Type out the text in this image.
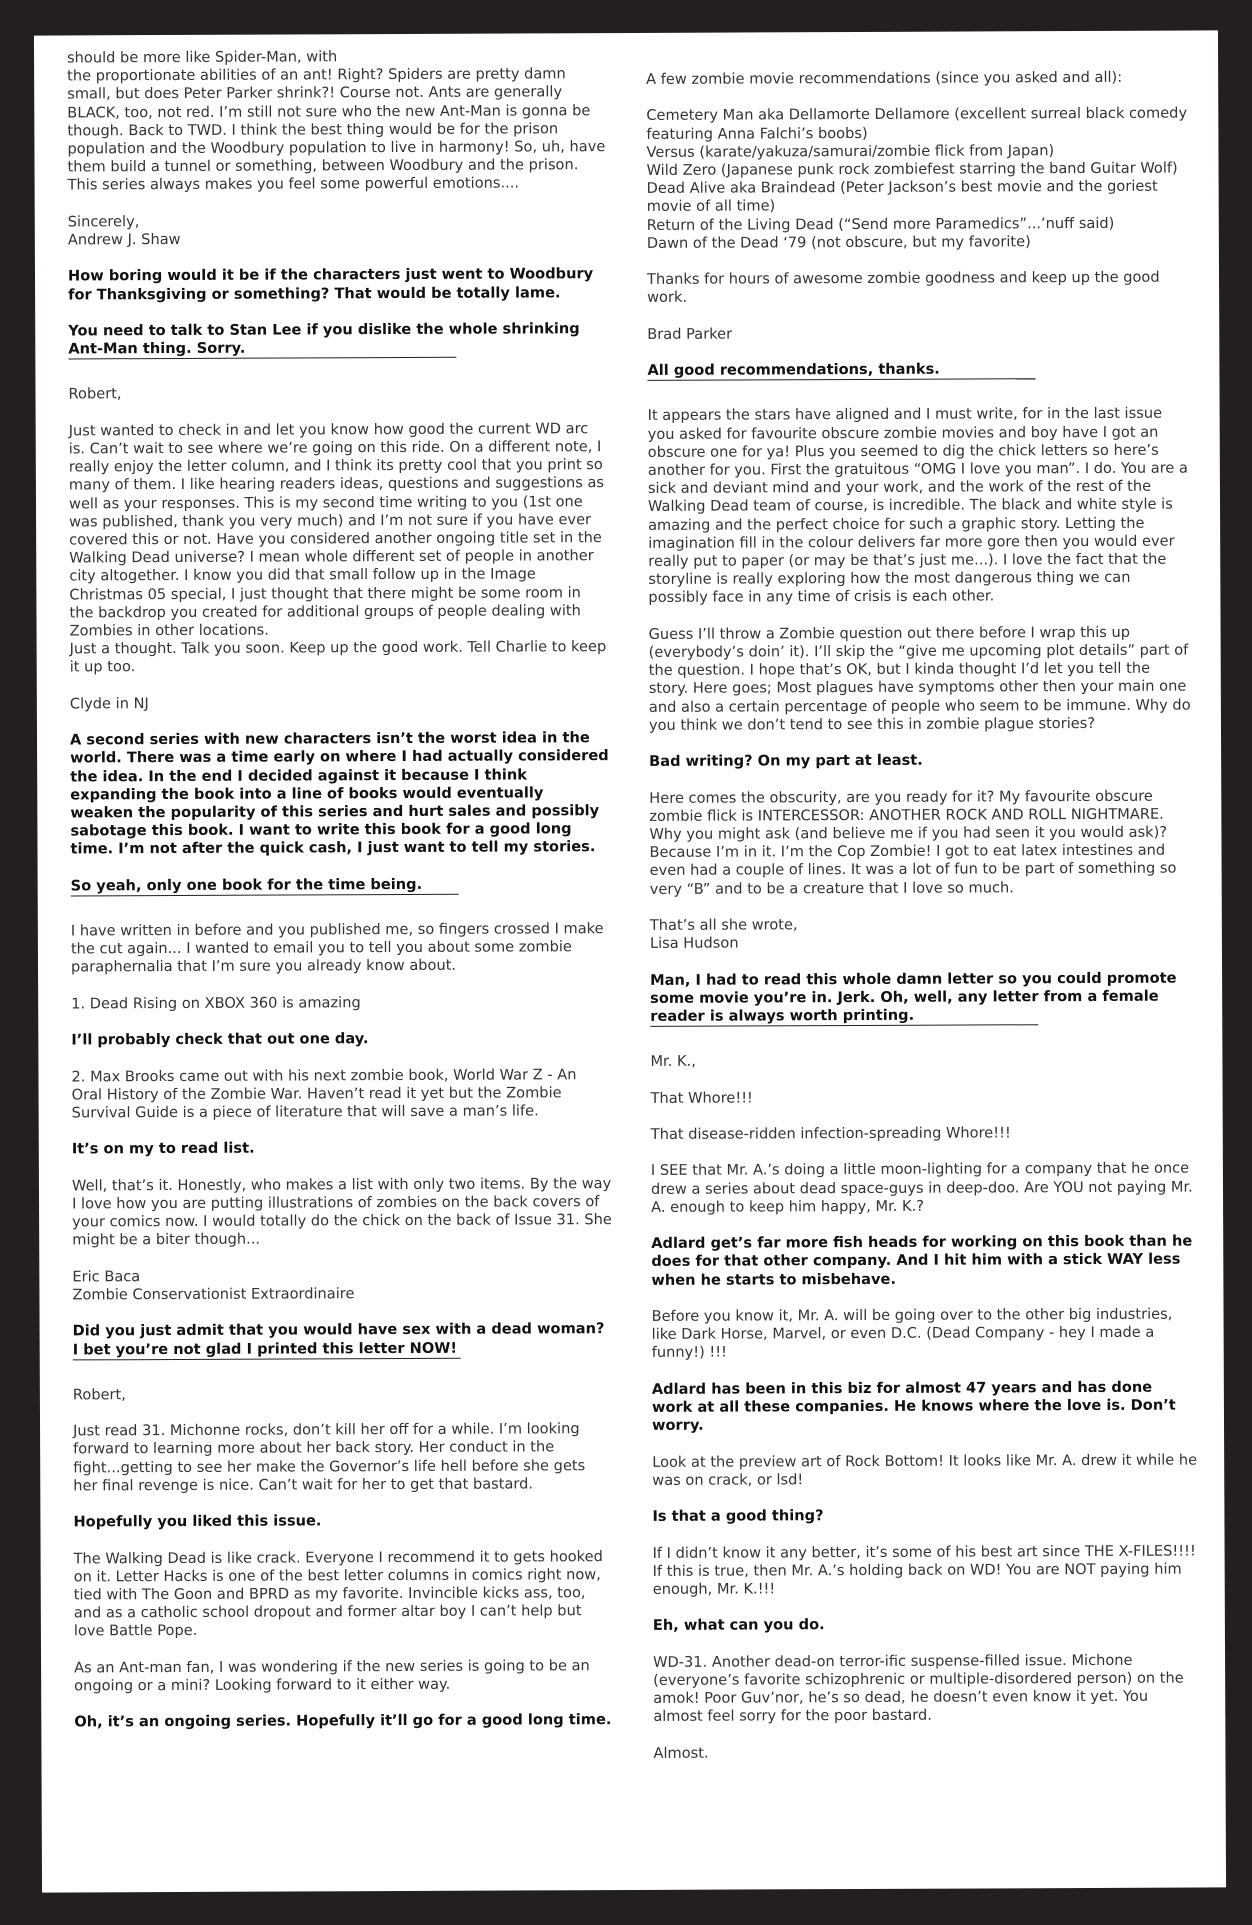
should be more like Spider-Man, with
the proportionate abilities of an ant! Right? Spiders are pretty damn small, but does Peter Parker shrink?! Course not. Ants are generally BLACK, too, not red. I’m still not sure who the new Ant-Man is gonna be though. Back to TWD. I think the best thing would be for the prison population and the Woodbury population to live in harmony! So, uh, have them build a tunnel or something, between Woodbury and the prison. This series always makes you feel some powerful emotions....

Sincerely,
Andrew J. Shaw

How boring would it be if the characters just went to Woodbury for Thanksgiving or something? That would be totally lame.

You need to talk to Stan Lee if you dislike the whole shrinking Ant-Man thing. Sorry.

Robert,

Just wanted to check in and let you know how good the current WD arc is. Can’t wait to see where we’re going on this ride. On a different note, I really enjoy the letter column, and I think its pretty cool that you print so many of them. I like hearing readers ideas, questions and suggestions as well as your responses. This is my second time writing to you (1st one was published, thank you very much) and I’m not sure if you have ever covered this or not. Have you considered another ongoing title set in the Walking Dead universe? I mean whole different set of people in another city altogether. I know you did that small follow up in the Image Christmas 05 special, I just thought that there might be some room in the backdrop you created for additional groups of people dealing with Zombies in other locations.
Just a thought. Talk you soon. Keep up the good work. Tell Charlie to keep it up too.

Clyde in NJ

A second series with new characters isn’t the worst idea in the world. There was a time early on where I had actually considered the idea. In the end I decided against it because I think expanding the book into a line of books would eventually weaken the popularity of this series and hurt sales and possibly sabotage this book. I want to write this book for a good long time. I’m not after the quick cash, I just want to tell my stories.

So yeah, only one book for the time being.

I have written in before and you published me, so fingers crossed I make the cut again... I wanted to email you to tell you about some zombie paraphernalia that I’m sure you already know about.

1. Dead Rising on XBOX 360 is amazing

I’ll probably check that out one day.

2. Max Brooks came out with his next zombie book, World War Z - An Oral History of the Zombie War. Haven’t read it yet but the Zombie Survival Guide is a piece of literature that will save a man’s life.

It’s on my to read list.

Well, that’s it. Honestly, who makes a list with only two items. By the way I love how you are putting illustrations of zombies on the back covers of your comics now. I would totally do the chick on the back of Issue 31. She might be a biter though...

Eric Baca
Zombie Conservationist Extraordinaire

Did you just admit that you would have sex with a dead woman? I bet you’re not glad I printed this letter NOW!

Robert,

Just read 31. Michonne rocks, don’t kill her off for a while. I’m looking forward to learning more about her back story. Her conduct in the fight...getting to see her make the Governor’s life hell before she gets her final revenge is nice. Can’t wait for her to get that bastard.

Hopefully you liked this issue.

The Walking Dead is like crack. Everyone I recommend it to gets hooked on it. Letter Hacks is one of the best letter columns in comics right now, tied with The Goon and BPRD as my favorite. Invincible kicks ass, too, and as a catholic school dropout and former altar boy I can’t help but love Battle Pope.

As an Ant-man fan, I was wondering if the new series is going to be an ongoing or a mini? Looking forward to it either way.

Oh, it’s an ongoing series. Hopefully it’ll go for a good long time.

A few zombie movie recommendations (since you asked and all):

Cemetery Man aka Dellamorte Dellamore (excellent surreal black comedy featuring Anna Falchi’s boobs)
Versus (karate/yakuza/samurai/zombie flick from Japan)
Wild Zero (Japanese punk rock zombiefest starring the band Guitar Wolf)
Dead Alive aka Braindead (Peter Jackson’s best movie and the goriest movie of all time)
Return of the Living Dead (“Send more Paramedics”...’nuff said)
Dawn of the Dead ‘79 (not obscure, but my favorite)

Thanks for hours of awesome zombie goodness and keep up the good work.

Brad Parker

All good recommendations, thanks.

It appears the stars have aligned and I must write, for in the last issue you asked for favourite obscure zombie movies and boy have I got an obscure one for ya! Plus you seemed to dig the chick letters so here’s another for you. First the gratuitous “OMG I love you man”. I do. You are a sick and deviant mind and your work, and the work of the rest of the Walking Dead team of course, is incredible. The black and white style is amazing and the perfect choice for such a graphic story. Letting the imagination fill in the colour delivers far more gore then you would ever really put to paper (or may be that’s just me...). I love the fact that the storyline is really exploring how the most dangerous thing we can possibly face in any time of crisis is each other.

Guess I’ll throw a Zombie question out there before I wrap this up (everybody’s doin’ it). I’ll skip the “give me upcoming plot details” part of the question. I hope that’s OK, but I kinda thought I’d let you tell the story. Here goes; Most plagues have symptoms other then your main one and also a certain percentage of people who seem to be immune. Why do you think we don’t tend to see this in zombie plague stories?

Bad writing? On my part at least.

Here comes the obscurity, are you ready for it? My favourite obscure zombie flick is INTERCESSOR: ANOTHER ROCK AND ROLL NIGHTMARE. Why you might ask (and believe me if you had seen it you would ask)? Because I’m in it. I’m the Cop Zombie! I got to eat latex intestines and even had a couple of lines. It was a lot of fun to be part of something so very “B” and to be a creature that I love so much.

That’s all she wrote,
Lisa Hudson

Man, I had to read this whole damn letter so you could promote some movie you’re in. Jerk. Oh, well, any letter from a female reader is always worth printing.

Mr. K.,

That Whore!!!

That disease-ridden infection-spreading Whore!!!

I SEE that Mr. A.’s doing a little moon-lighting for a company that he once drew a series about dead space-guys in deep-doo. Are YOU not paying Mr. A. enough to keep him happy, Mr. K.?

Adlard get’s far more fish heads for working on this book than he does for that other company. And I hit him with a stick WAY less when he starts to misbehave.

Before you know it, Mr. A. will be going over to the other big industries, like Dark Horse, Marvel, or even D.C. (Dead Company - hey I made a funny!) !!!

Adlard has been in this biz for almost 47 years and has done work at all these companies. He knows where the love is. Don’t worry.

Look at the preview art of Rock Bottom! It looks like Mr. A. drew it while he was on crack, or lsd!

Is that a good thing?

If I didn’t know it any better, it’s some of his best art since THE X-FILES!!!! If this is true, then Mr. A.’s holding back on WD! You are NOT paying him enough, Mr. K.!!!

Eh, what can you do.

WD-31. Another dead-on terror-ific suspense-filled issue. Michone (everyone’s favorite schizophrenic or multiple-disordered person) on the amok! Poor Guv’nor, he’s so dead, he doesn’t even know it yet. You almost feel sorry for the poor bastard.

Almost.
